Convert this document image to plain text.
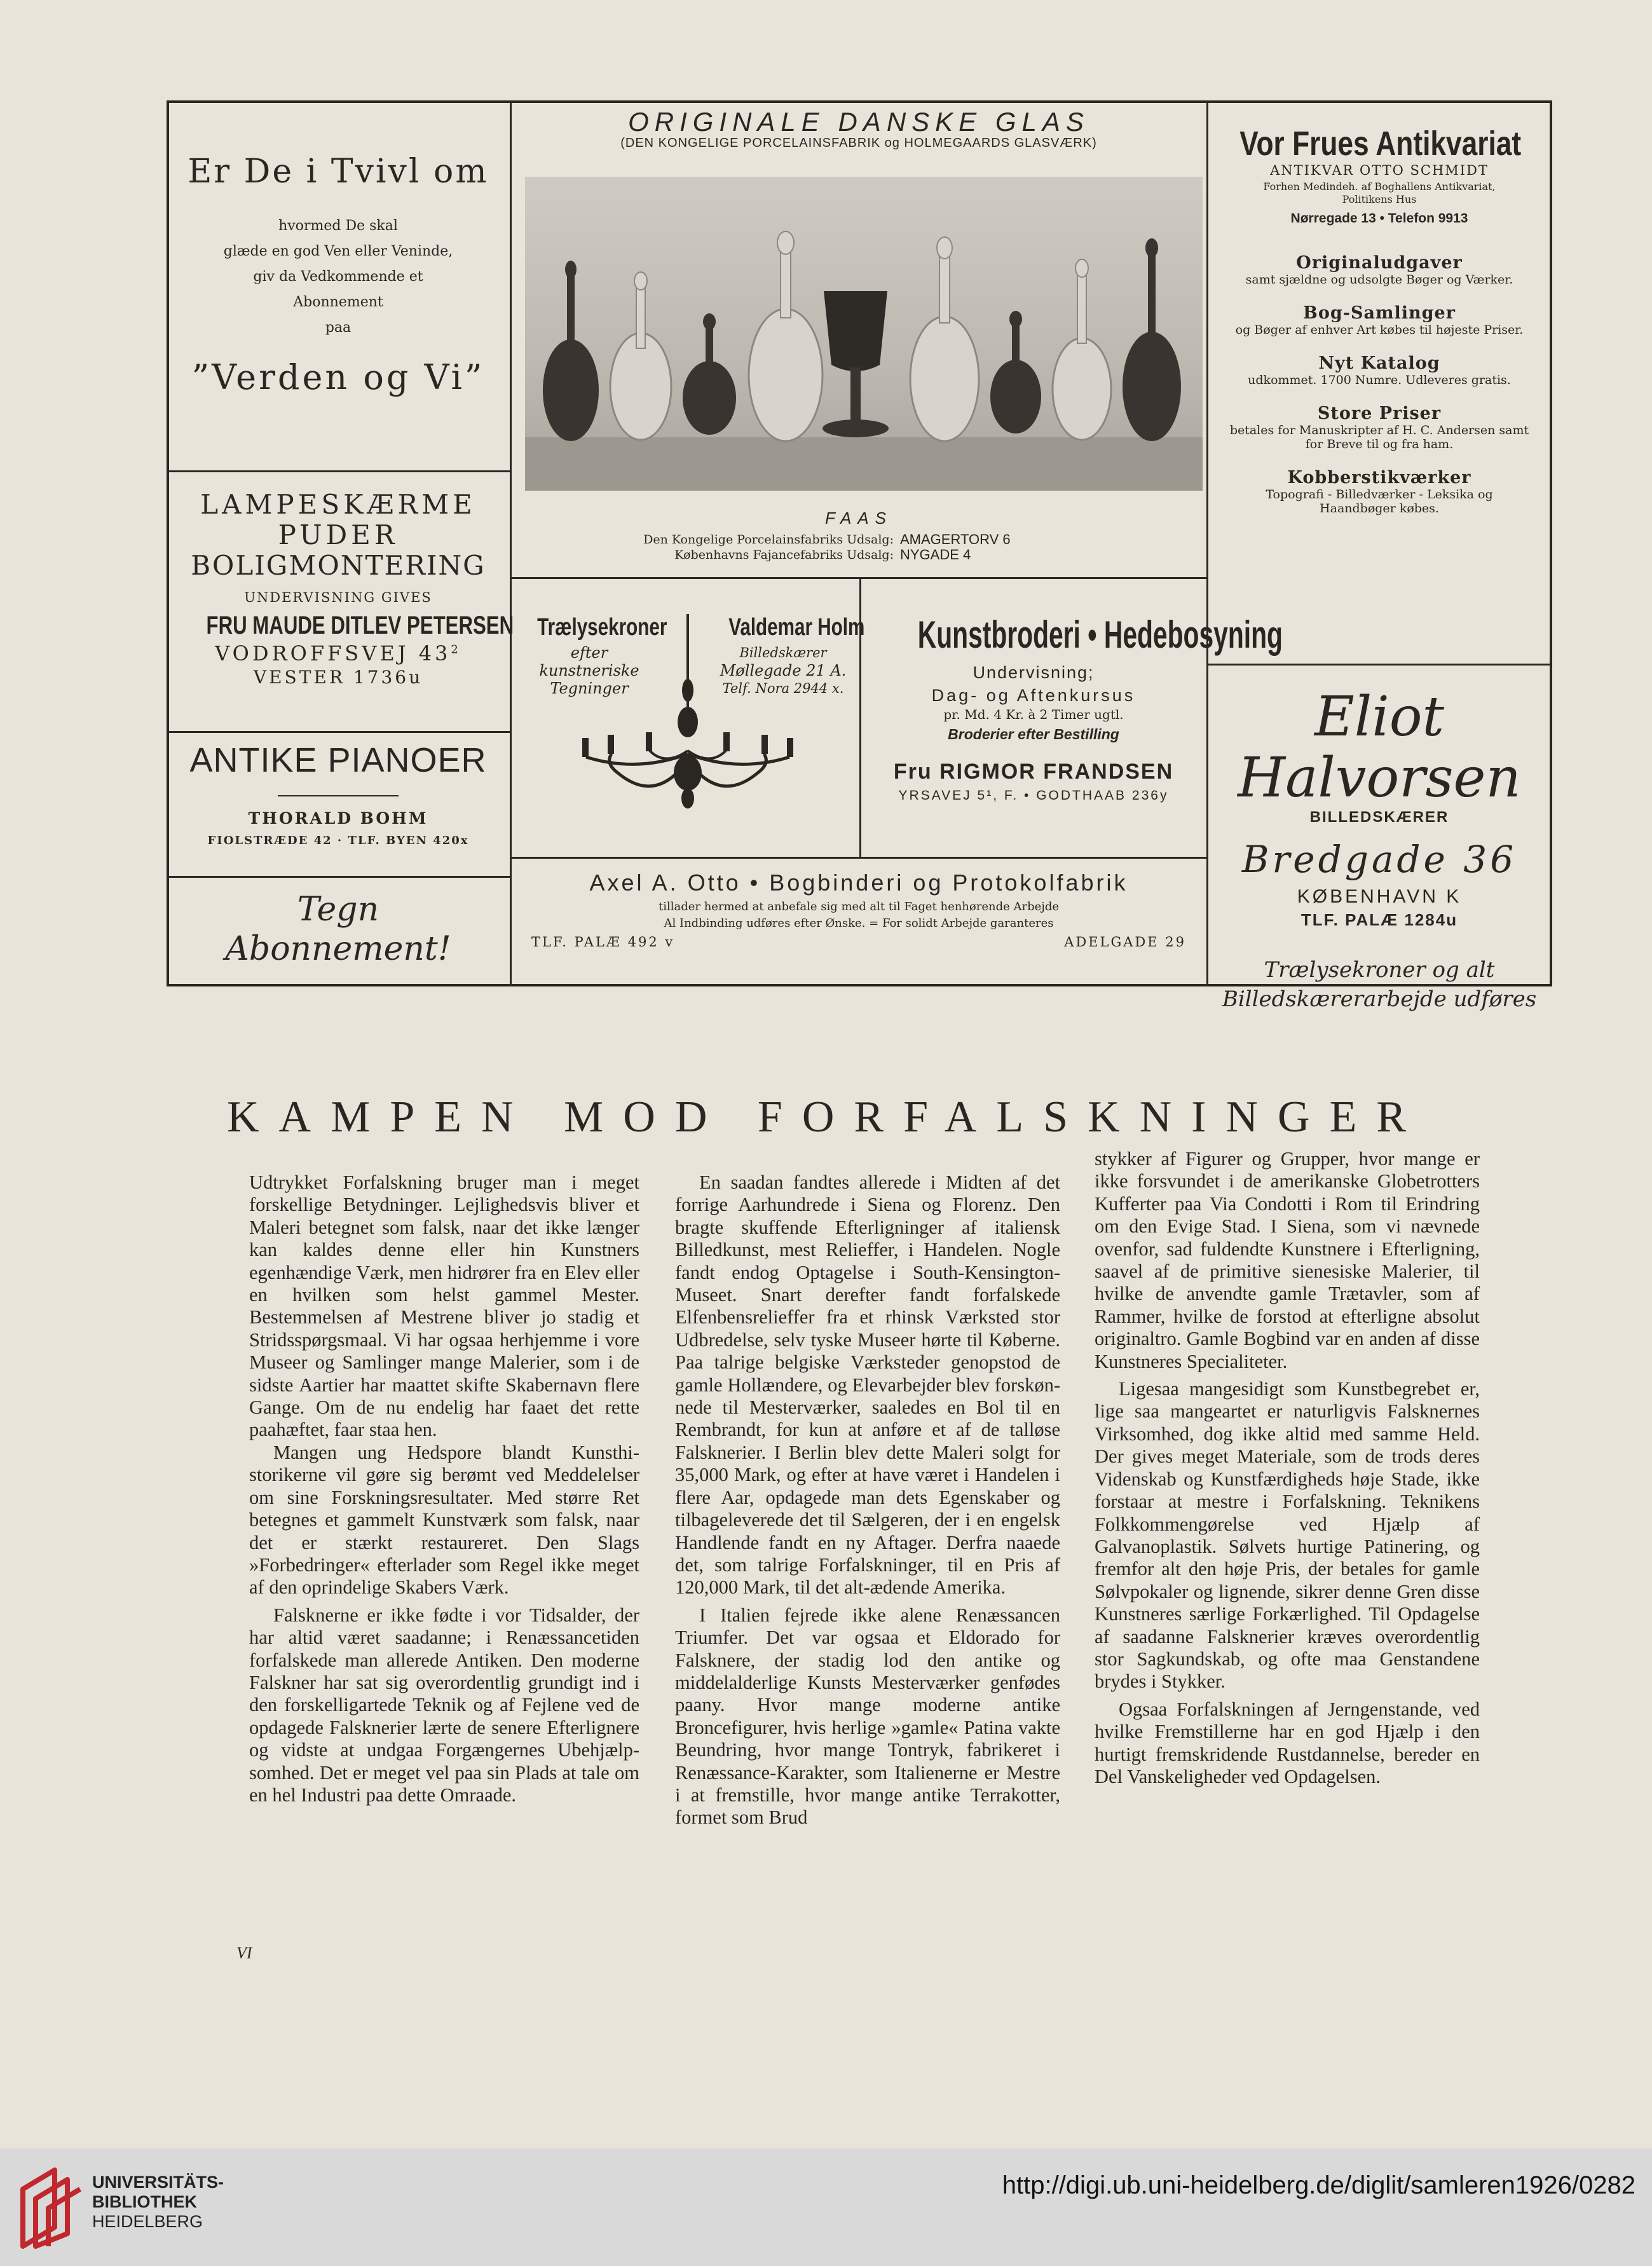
Er De i Tvivl om
hvormed De skal
glæde en god Ven eller Veninde,
giv da Vedkommende et
Abonnement
paa
”Verden og Vi”
LAMPESKÆRME
PUDER
BOLIGMONTERING
UNDERVISNING GIVES
FRU MAUDE DITLEV PETERSEN
VODROFFSVEJ $43^2$
VESTER 1736u
ANTIKE PIANOER
THORALD BOHM
FIOLSTRÆDE 42 · TLF. BYEN 420x
Tegn
Abonnement!
ORIGINALE DANSKE GLAS
(DEN KONGELIGE PORCELAINSFABRIK og HOLMEGAARDS GLASVÆRK)
FAAS
Den Kongelige Porcelainsfabriks Udsalg: AMAGERTORV 6
Københavns Fajancefabriks Udsalg: NYGADE 4
Trælysekroner
efter
kunstneriske
Tegninger
Valdemar Holm
Billedskærer
Møllegade 21 A.
Telf. Nora 2944 x.
Kunstbroderi • Hedebosyning
Undervisning;
Dag- og Aftenkursus
pr. Md. 4 Kr. à 2 Timer ugtl.
Broderier efter Bestilling
Fru RIGMOR FRANDSEN
YRSAVEJ 5¹, F. • GODTHAAB 236y
Axel A. Otto • Bogbinderi og Protokolfabrik
tillader hermed at anbefale sig med alt til Faget henhørende Arbejde
Al Indbinding udføres efter Ønske. = For solidt Arbejde garanteres
TLF. PALÆ 492 v	ADELGADE 29
Vor Frues Antikvariat
ANTIKVAR OTTO SCHMIDT
Forhen Medindeh. af Boghallens Antikvariat,
Politikens Hus
Nørregade 13 • Telefon 9913
Originaludgaver
samt sjældne og udsolgte Bøger og Værker.
Bog-Samlinger
og Bøger af enhver Art købes til højeste Priser.
Nyt Katalog
udkommet. 1700 Numre. Udleveres gratis.
Store Priser
betales for Manuskripter af H. C. Andersen samt for Breve til og fra ham.
Kobberstikværker
Topografi - Billedværker - Leksika og Haandbøger købes.
Eliot Halvorsen
BILLEDSKÆRER
Bredgade 36
KØBENHAVN K
TLF. PALÆ 1284u
Trælysekroner og alt
Billedskærerarbejde udføres
KAMPEN MOD FORFALSKNINGER

Udtrykket Forfalskning bruger man i meget forskellige Betydninger. Lejlighedsvis bliver et Maleri betegnet som falsk, naar det ikke længer kan kaldes denne eller hin Kunstners egenhændige Værk, men hidrører fra en Elev eller en hvilken som helst gammel Mester. Bestemmelsen af Mestrene bliver jo stadig et Stridsspørgsmaal. Vi har ogsaa herhjemme i vore Museer og Samlinger mange Malerier, som i de sidste Aartier har maattet skifte Skabernavn flere Gange. Om de nu endelig har faaet det rette paahæftet, faar staa hen.

Mangen ung Hedspore blandt Kunsthistorikerne vil gøre sig berømt ved Meddelelser om sine Forskningsresultater. Med større Ret betegnes et gammelt Kunstværk som falsk, naar det er stærkt restaureret. Den Slags »Forbedringer« efterlader som Regel ikke meget af den oprindelige Skabers Værk.

Falsknerne er ikke fødte i vor Tidsalder, der har altid været saadanne; i Renæssancetiden forfalskede man allerede Antiken. Den moderne Falskner har sat sig overordentlig grundigt ind i den forskelligartede Teknik og af Fejlene ved de opdagede Falsknerier lærte de senere Efterlignere og vidste at undgaa Forgængernes Ubehjælpsomhed. Det er meget vel paa sin Plads at tale om en hel Industri paa dette Omraade.

En saadan fandtes allerede i Midten af det forrige Aarhundrede i Siena og Florenz. Den bragte skuffende Efterligninger af italiensk Billedkunst, mest Relieffer, i Handelen. Nogle fandt endog Optagelse i South-Kensington-Museet. Snart derefter fandt forfalskede Elfenbensrelieffer fra et rhinsk Værksted stor Udbredelse, selv tyske Museer hørte til Køberne. Paa talrige belgiske Værksteder genopstod de gamle Hollændere, og Elevarbejder blev forskønnede til Mesterværker, saaledes en Bol til en Rembrandt, for kun at anføre et af de talløse Falsknerier. I Berlin blev dette Maleri solgt for 35,000 Mark, og efter at have været i Handelen i flere Aar, opdagede man dets Egenskaber og tilbageleverede det til Sælgeren, der i en engelsk Handlende fandt en ny Aftager. Derfra naaede det, som talrige Forfalskninger, til en Pris af 120,000 Mark, til det alt-ædende Amerika.

I Italien fejrede ikke alene Renæssancen Triumfer. Det var ogsaa et Eldorado for Falsknere, der stadig lod den antike og middelalderlige Kunsts Mesterværker genfødes paany. Hvor mange moderne antike Broncefigurer, hvis herlige »gamle« Patina vakte Beundring, hvor mange Tontryk, fabrikeret i Renæssance-Karakter, som Italienerne er Mestre i at fremstille, hvor mange antike Terrakotter, formet som Brud

stykker af Figurer og Grupper, hvor mange er ikke forsvundet i de amerikanske Globetrotters Kufferter paa Via Condotti i Rom til Erindring om den Evige Stad. I Siena, som vi nævnede ovenfor, sad fuldendte Kunstnere i Efterligning, saavel af de primitive sienesiske Malerier, til hvilke de anvendte gamle Trætavler, som af Rammer, hvilke de forstod at efterligne absolut originaltro. Gamle Bogbind var en anden af disse Kunstneres Specialiteter.

Ligesaa mangesidigt som Kunstbegrebet er, lige saa mangeartet er naturligvis Falsknernes Virksomhed, dog ikke altid med samme Held. Der gives meget Materiale, som de trods deres Videnskab og Kunstfærdigheds høje Stade, ikke forstaar at mestre i Forfalskning. Teknikens Folkkommengørelse ved Hjælp af Galvanoplastik. Sølvets hurtige Patinering, og fremfor alt den høje Pris, der betales for gamle Sølvpokaler og lignende, sikrer denne Gren disse Kunstneres særlige Forkærlighed. Til Opdagelse af saadanne Falsknerier kræves overordentlig stor Sagkundskab, og ofte maa Genstandene brydes i Stykker.

Ogsaa Forfalskningen af Jerngenstande, ved hvilke Fremstillerne har en god Hjælp i den hurtigt fremskridende Rustdannelse, bereder en Del Vanskeligheder ved Opdagelsen.

VI
UNIVERSITÄTS-
BIBLIOTHEK
HEIDELBERG
http://digi.ub.uni-heidelberg.de/diglit/samleren1926/0282
